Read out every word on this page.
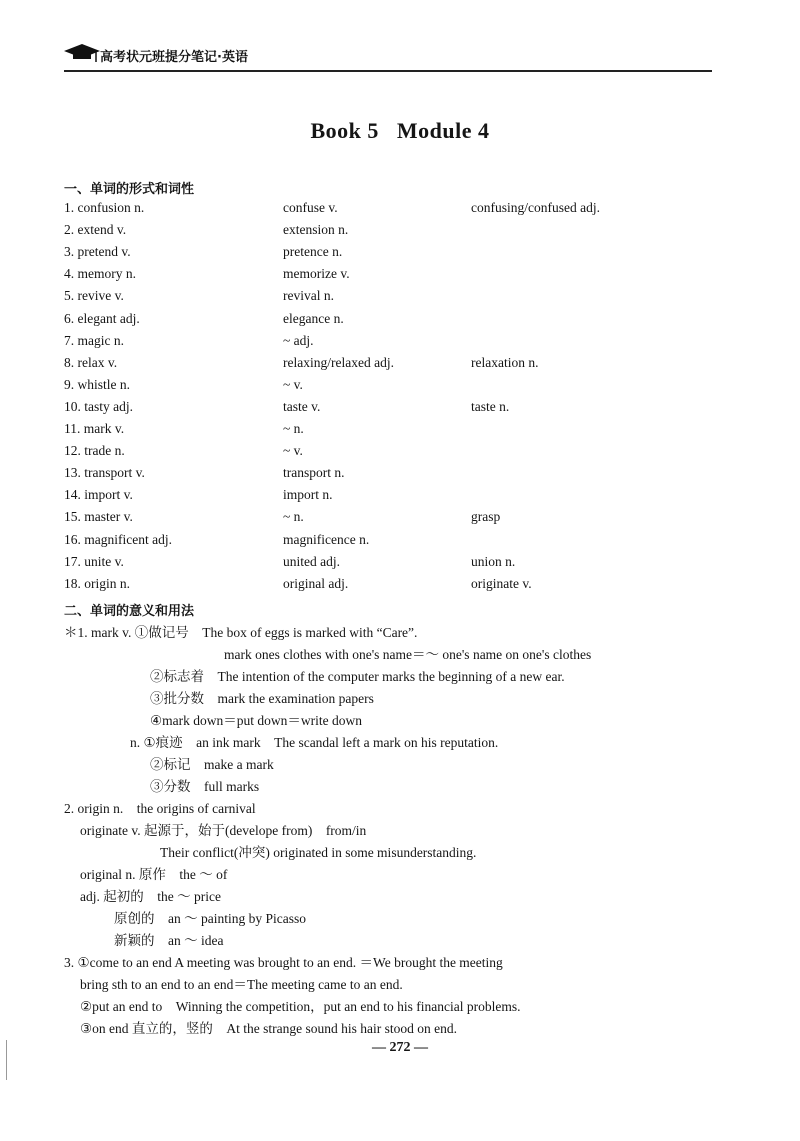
高考状元班提分笔记·英语
Book 5 Module 4
一、单词的形式和词性
1. confusion n.	confuse v.	confusing/confused adj.
2. extend v.	extension n.
3. pretend v.	pretence n.
4. memory n.	memorize v.
5. revive v.	revival n.
6. elegant adj.	elegance n.
7. magic n.	~ adj.
8. relax v.	relaxing/relaxed adj.	relaxation n.
9. whistle n.	~ v.
10. tasty adj.	taste v.	taste n.
11. mark v.	~ n.
12. trade n.	~ v.
13. transport v.	transport n.
14. import v.	import n.
15. master v.	~ n.	grasp
16. magnificent adj.	magnificence n.
17. unite v.	united adj.	union n.
18. origin n.	original adj.	originate v.
二、单词的意义和用法
＊1. mark v. ①做记号　The box of eggs is marked with “Care”.
mark ones clothes with one's name＝～ one's name on one's clothes
②标志着　The intention of the computer marks the beginning of a new ear.
③批分数　mark the examination papers
④mark down＝put down＝write down
n. ①痕迹　an ink mark　The scandal left a mark on his reputation.
②标记　make a mark
③分数　full marks
2. origin n.　the origins of carnival
originate v. 起源于，始于(develope from)　from/in
Their conflict(冲突) originated in some misunderstanding.
original n. 原作　the ～ of
adj. 起初的　the ～ price
原创的　an ～ painting by Picasso
新颖的　an ～ idea
3. ①come to an end A meeting was brought to an end. ＝We brought the meeting
bring sth to an end to an end＝The meeting came to an end.
②put an end to　Winning the competition，put an end to his financial problems.
③on end 直立的，竖的　At the strange sound his hair stood on end.
— 272 —
